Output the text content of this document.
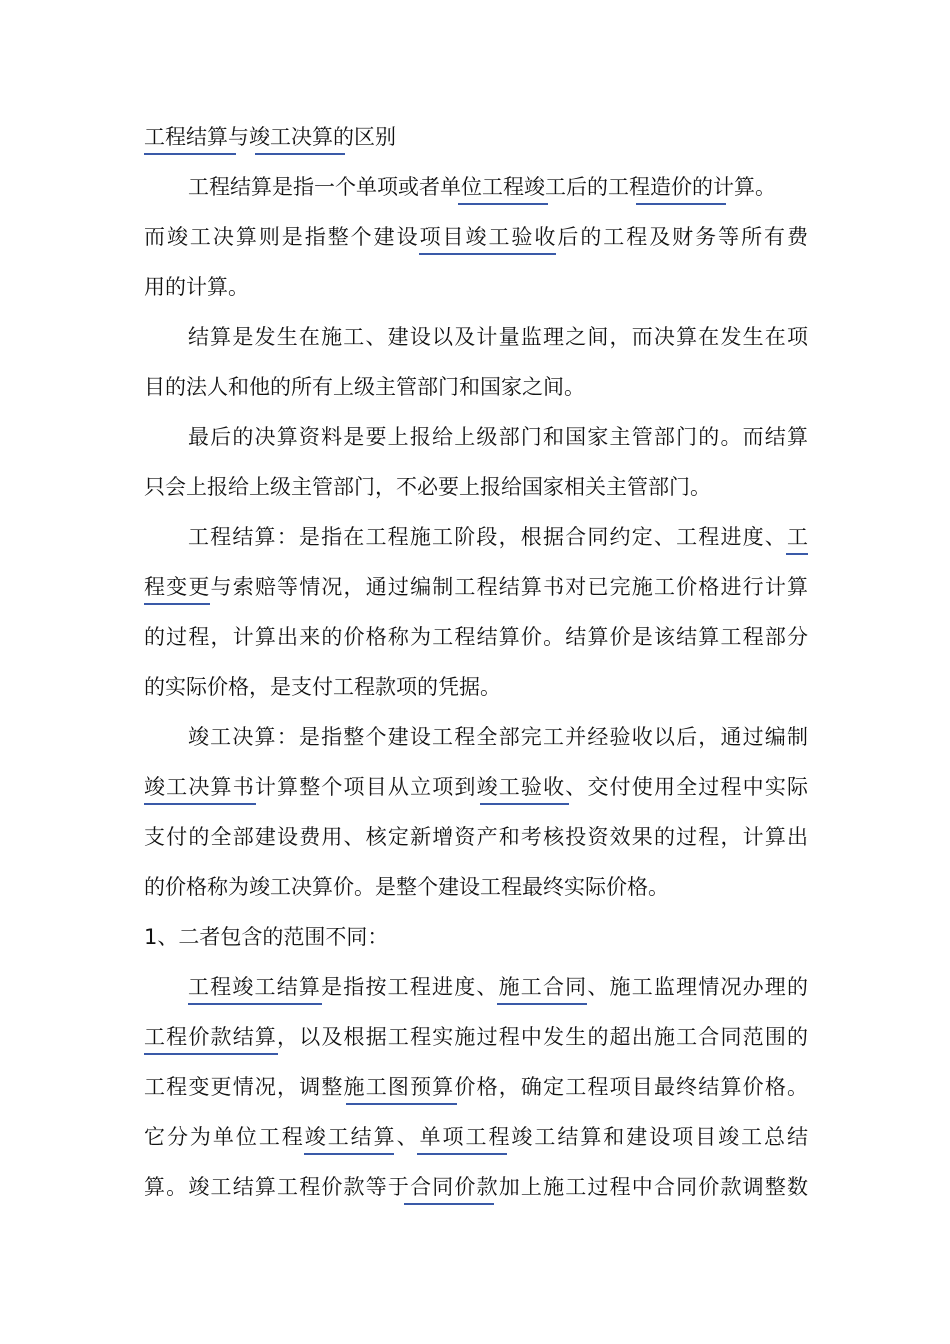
工程结算与竣工决算的区别
工程结算是指一个单项或者单位工程竣工后的工程造价的计算。
而竣工决算则是指整个建设项目竣工验收后的工程及财务等所有费
用的计算。
结算是发生在施工、建设以及计量监理之间，而决算在发生在项
目的法人和他的所有上级主管部门和国家之间。
最后的决算资料是要上报给上级部门和国家主管部门的。而结算
只会上报给上级主管部门，不必要上报给国家相关主管部门。
工程结算：是指在工程施工阶段，根据合同约定、工程进度、工
程变更与索赔等情况，通过编制工程结算书对已完施工价格进行计算
的过程，计算出来的价格称为工程结算价。结算价是该结算工程部分
的实际价格，是支付工程款项的凭据。
竣工决算：是指整个建设工程全部完工并经验收以后，通过编制
竣工决算书计算整个项目从立项到竣工验收、交付使用全过程中实际
支付的全部建设费用、核定新增资产和考核投资效果的过程，计算出
的价格称为竣工决算价。是整个建设工程最终实际价格。
1、二者包含的范围不同：
工程竣工结算是指按工程进度、施工合同、施工监理情况办理的
工程价款结算，以及根据工程实施过程中发生的超出施工合同范围的
工程变更情况，调整施工图预算价格，确定工程项目最终结算价格。
它分为单位工程竣工结算、单项工程竣工结算和建设项目竣工总结
算。竣工结算工程价款等于合同价款加上施工过程中合同价款调整数
